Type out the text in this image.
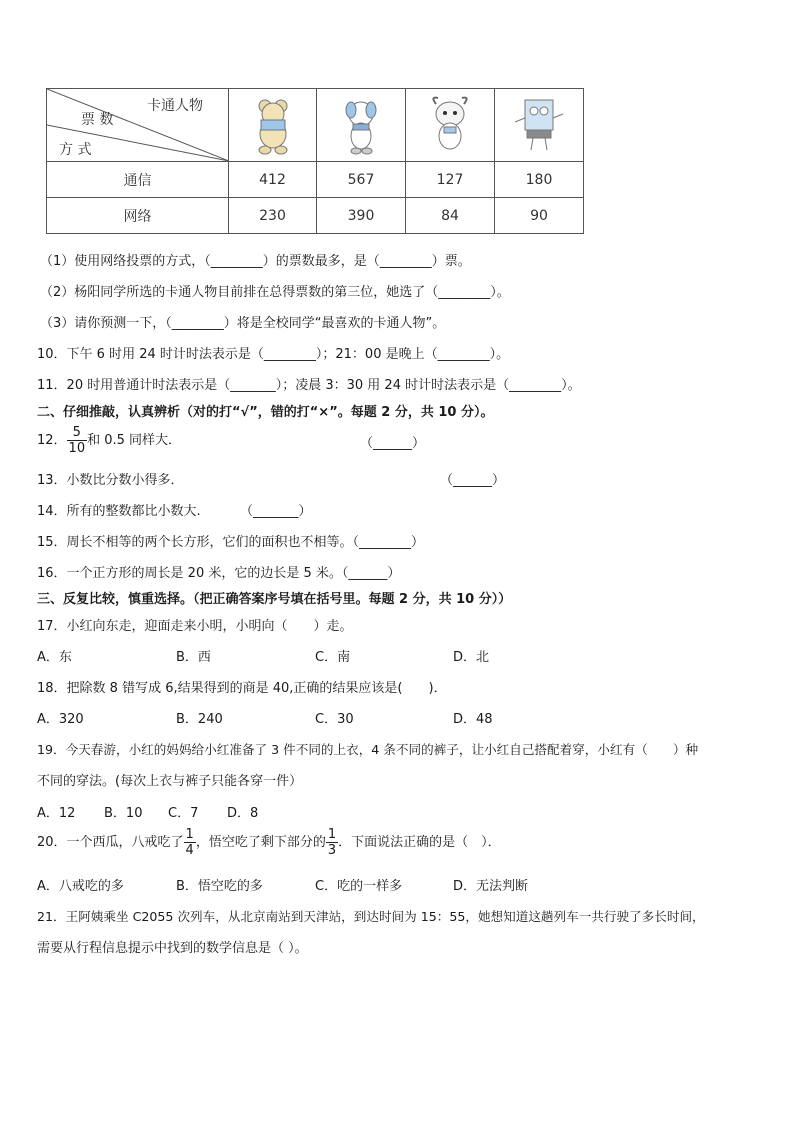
卡通人物
票 数
方 式

通信	412	567	127	180
网络	230	390	84	90
（1）使用网络投票的方式，（________）的票数最多，是（________）票。
（2）杨阳同学所选的卡通人物目前排在总得票数的第三位，她选了（________）。
（3）请你预测一下，（________）将是全校同学“最喜欢的卡通人物”。
10．下午 6 时用 24 时计时法表示是（________）；21：00 是晚上（________）。
11．20 时用普通计时法表示是（_______）；凌晨 3：30 用 24 时计时法表示是（________）。
二、仔细推敲，认真辨析（对的打“√”，错的打“×”。每题 2 分，共 10 分）。
12． $\frac{5}{10}$ 和 0.5 同样大．	（______）
13．小数比分数小得多．	（______）
14．所有的整数都比小数大.	（_______）
15．周长不相等的两个长方形，它们的面积也不相等。（________）
16．一个正方形的周长是 20 米，它的边长是 5 米。（______）
三、反复比较，慎重选择。（把正确答案序号填在括号里。每题 2 分，共 10 分））
17．小红向东走，迎面走来小明，小明向（　　）走。
A．东	B．西	C．南	D．北
18．把除数 8 错写成 6,结果得到的商是 40,正确的结果应该是(　　)．
A．320	B．240	C．30	D．48
19．今天春游，小红的妈妈给小红准备了 3 件不同的上衣，4 条不同的裤子，让小红自己搭配着穿，小红有（　　）种
不同的穿法。(每次上衣与裤子只能各穿一件）
A．12 B．10 C．7 D．8
20．一个西瓜，八戒吃了 $\frac{1}{4}$ ，悟空吃了剩下部分的 $\frac{1}{3}$ ．下面说法正确的是（　）．
A．八戒吃的多	B．悟空吃的多	C．吃的一样多	D．无法判断
21．王阿姨乘坐 C2055 次列车，从北京南站到天津站，到达时间为 15：55，她想知道这趟列车一共行驶了多长时间，
需要从行程信息提示中找到的数学信息是（ ）。
